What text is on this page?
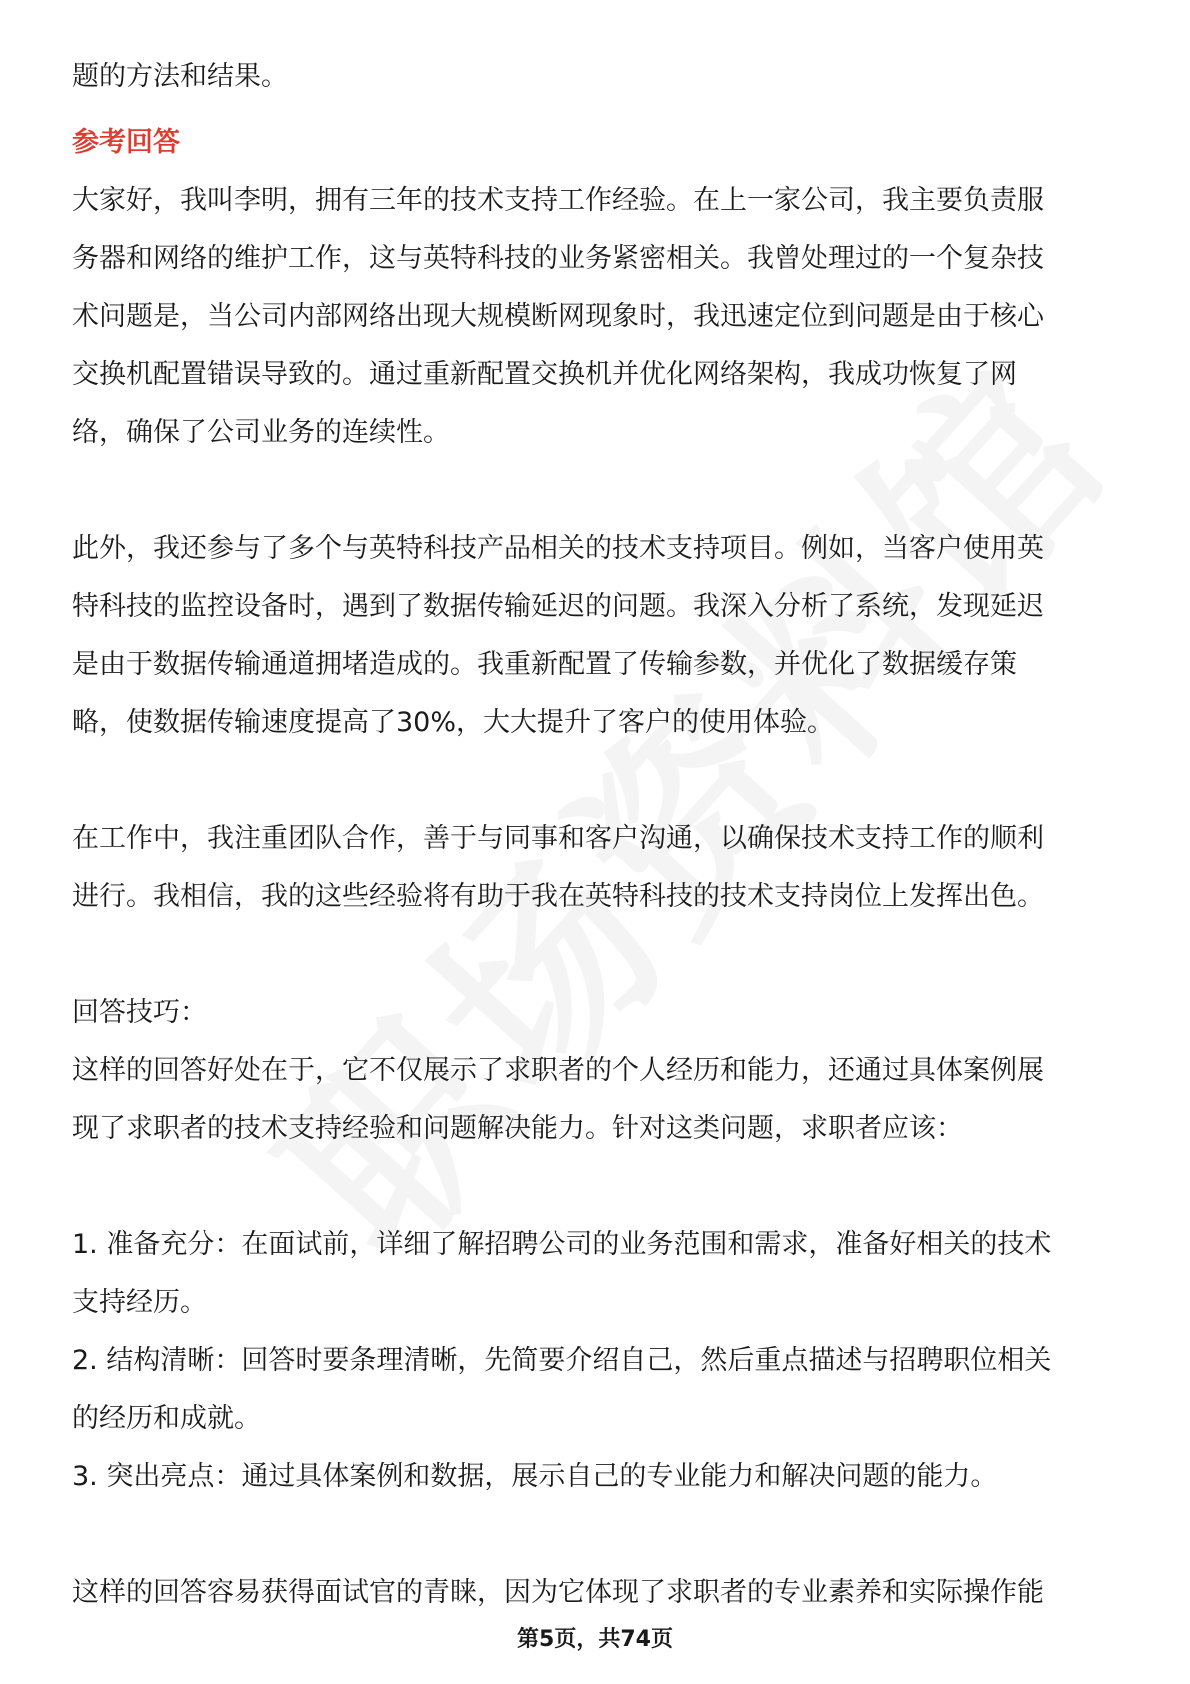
题的方法和结果。
参考回答
大家好，我叫李明，拥有三年的技术支持工作经验。在上一家公司，我主要负责服
务器和网络的维护工作，这与英特科技的业务紧密相关。我曾处理过的一个复杂技
术问题是，当公司内部网络出现大规模断网现象时，我迅速定位到问题是由于核心
交换机配置错误导致的。通过重新配置交换机并优化网络架构，我成功恢复了网
络，确保了公司业务的连续性。
此外，我还参与了多个与英特科技产品相关的技术支持项目。例如，当客户使用英
特科技的监控设备时，遇到了数据传输延迟的问题。我深入分析了系统，发现延迟
是由于数据传输通道拥堵造成的。我重新配置了传输参数，并优化了数据缓存策
略，使数据传输速度提高了30%，大大提升了客户的使用体验。
在工作中，我注重团队合作，善于与同事和客户沟通，以确保技术支持工作的顺利
进行。我相信，我的这些经验将有助于我在英特科技的技术支持岗位上发挥出色。
回答技巧：
这样的回答好处在于，它不仅展示了求职者的个人经历和能力，还通过具体案例展
现了求职者的技术支持经验和问题解决能力。针对这类问题，求职者应该：
1. 准备充分：在面试前，详细了解招聘公司的业务范围和需求，准备好相关的技术
支持经历。
2. 结构清晰：回答时要条理清晰，先简要介绍自己，然后重点描述与招聘职位相关
的经历和成就。
3. 突出亮点：通过具体案例和数据，展示自己的专业能力和解决问题的能力。
这样的回答容易获得面试官的青睐，因为它体现了求职者的专业素养和实际操作能
第5页，共74页
